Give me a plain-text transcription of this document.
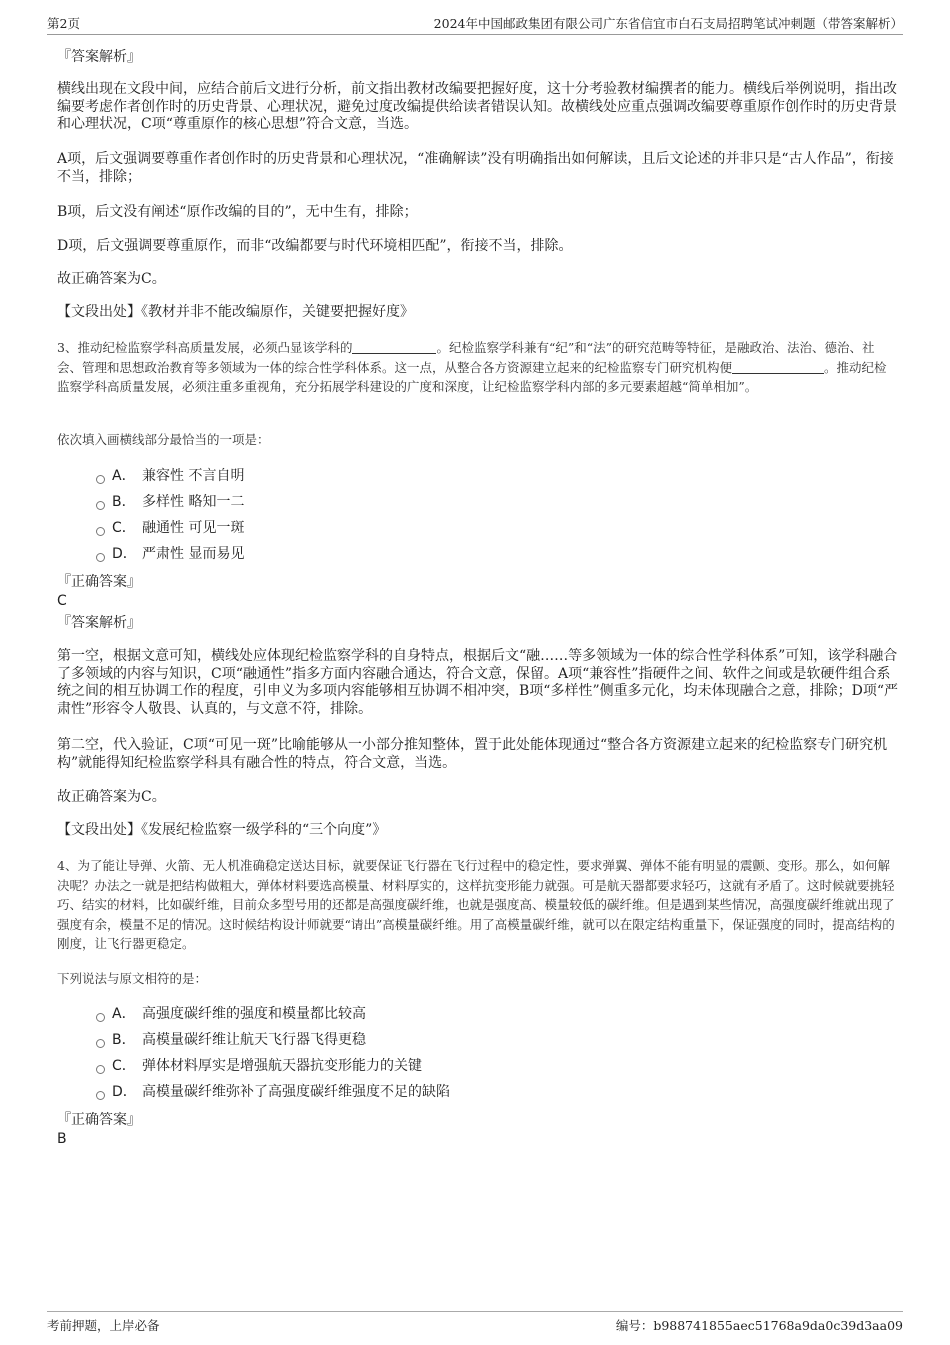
第2页	2024年中国邮政集团有限公司广东省信宜市白石支局招聘笔试冲刺题（带答案解析）
『答案解析』
横线出现在文段中间，应结合前后文进行分析，前文指出教材改编要把握好度，这十分考验教材编撰者的能力。横线后举例说明，指出改编要考虑作者创作时的历史背景、心理状况，避免过度改编提供给读者错误认知。故横线处应重点强调改编要尊重原作创作时的历史背景和心理状况，C项“尊重原作的核心思想”符合文意，当选。
A项，后文强调要尊重作者创作时的历史背景和心理状况，“准确解读”没有明确指出如何解读，且后文论述的并非只是“古人作品”，衔接不当，排除；
B项，后文没有阐述“原作改编的目的”，无中生有，排除；
D项，后文强调要尊重原作，而非“改编都要与时代环境相匹配”，衔接不当，排除。
故正确答案为C。
【文段出处】《教材并非不能改编原作，关键要把握好度》
3、推动纪检监察学科高质量发展，必须凸显该学科的	。纪检监察学科兼有“纪”和“法”的研究范畴等特征，是融政治、法治、德治、社会、管理和思想政治教育等多领域为一体的综合性学科体系。这一点，从整合各方资源建立起来的纪检监察专门研究机构便	。推动纪检监察学科高质量发展，必须注重多重视角，充分拓展学科建设的广度和深度，让纪检监察学科内部的多元要素超越“简单相加”。
依次填入画横线部分最恰当的一项是：
A． 兼容性 不言自明
B． 多样性 略知一二
C． 融通性 可见一斑
D． 严肃性 显而易见
『正确答案』
C
『答案解析』
第一空，根据文意可知，横线处应体现纪检监察学科的自身特点，根据后文“融……等多领域为一体的综合性学科体系”可知，该学科融合了多领域的内容与知识，C项“融通性”指多方面内容融合通达，符合文意，保留。A项“兼容性”指硬件之间、软件之间或是软硬件组合系统之间的相互协调工作的程度，引申义为多项内容能够相互协调不相冲突，B项“多样性”侧重多元化，均未体现融合之意，排除；D项“严肃性”形容令人敬畏、认真的，与文意不符，排除。
第二空，代入验证，C项“可见一斑”比喻能够从一小部分推知整体，置于此处能体现通过“整合各方资源建立起来的纪检监察专门研究机构”就能得知纪检监察学科具有融合性的特点，符合文意，当选。
故正确答案为C。
【文段出处】《发展纪检监察一级学科的“三个向度”》
4、为了能让导弹、火箭、无人机准确稳定送达目标，就要保证飞行器在飞行过程中的稳定性，要求弹翼、弹体不能有明显的震颤、变形。那么，如何解决呢？办法之一就是把结构做粗大，弹体材料要选高模量、材料厚实的，这样抗变形能力就强。可是航天器都要求轻巧，这就有矛盾了。这时候就要挑轻巧、结实的材料，比如碳纤维，目前众多型号用的还都是高强度碳纤维，也就是强度高、模量较低的碳纤维。但是遇到某些情况，高强度碳纤维就出现了强度有余，模量不足的情况。这时候结构设计师就要“请出”高模量碳纤维。用了高模量碳纤维，就可以在限定结构重量下，保证强度的同时，提高结构的刚度，让飞行器更稳定。
下列说法与原文相符的是：
A． 高强度碳纤维的强度和模量都比较高
B． 高模量碳纤维让航天飞行器飞得更稳
C． 弹体材料厚实是增强航天器抗变形能力的关键
D． 高模量碳纤维弥补了高强度碳纤维强度不足的缺陷
『正确答案』
B
考前押题，上岸必备	编号：b988741855aec51768a9da0c39d3aa09
